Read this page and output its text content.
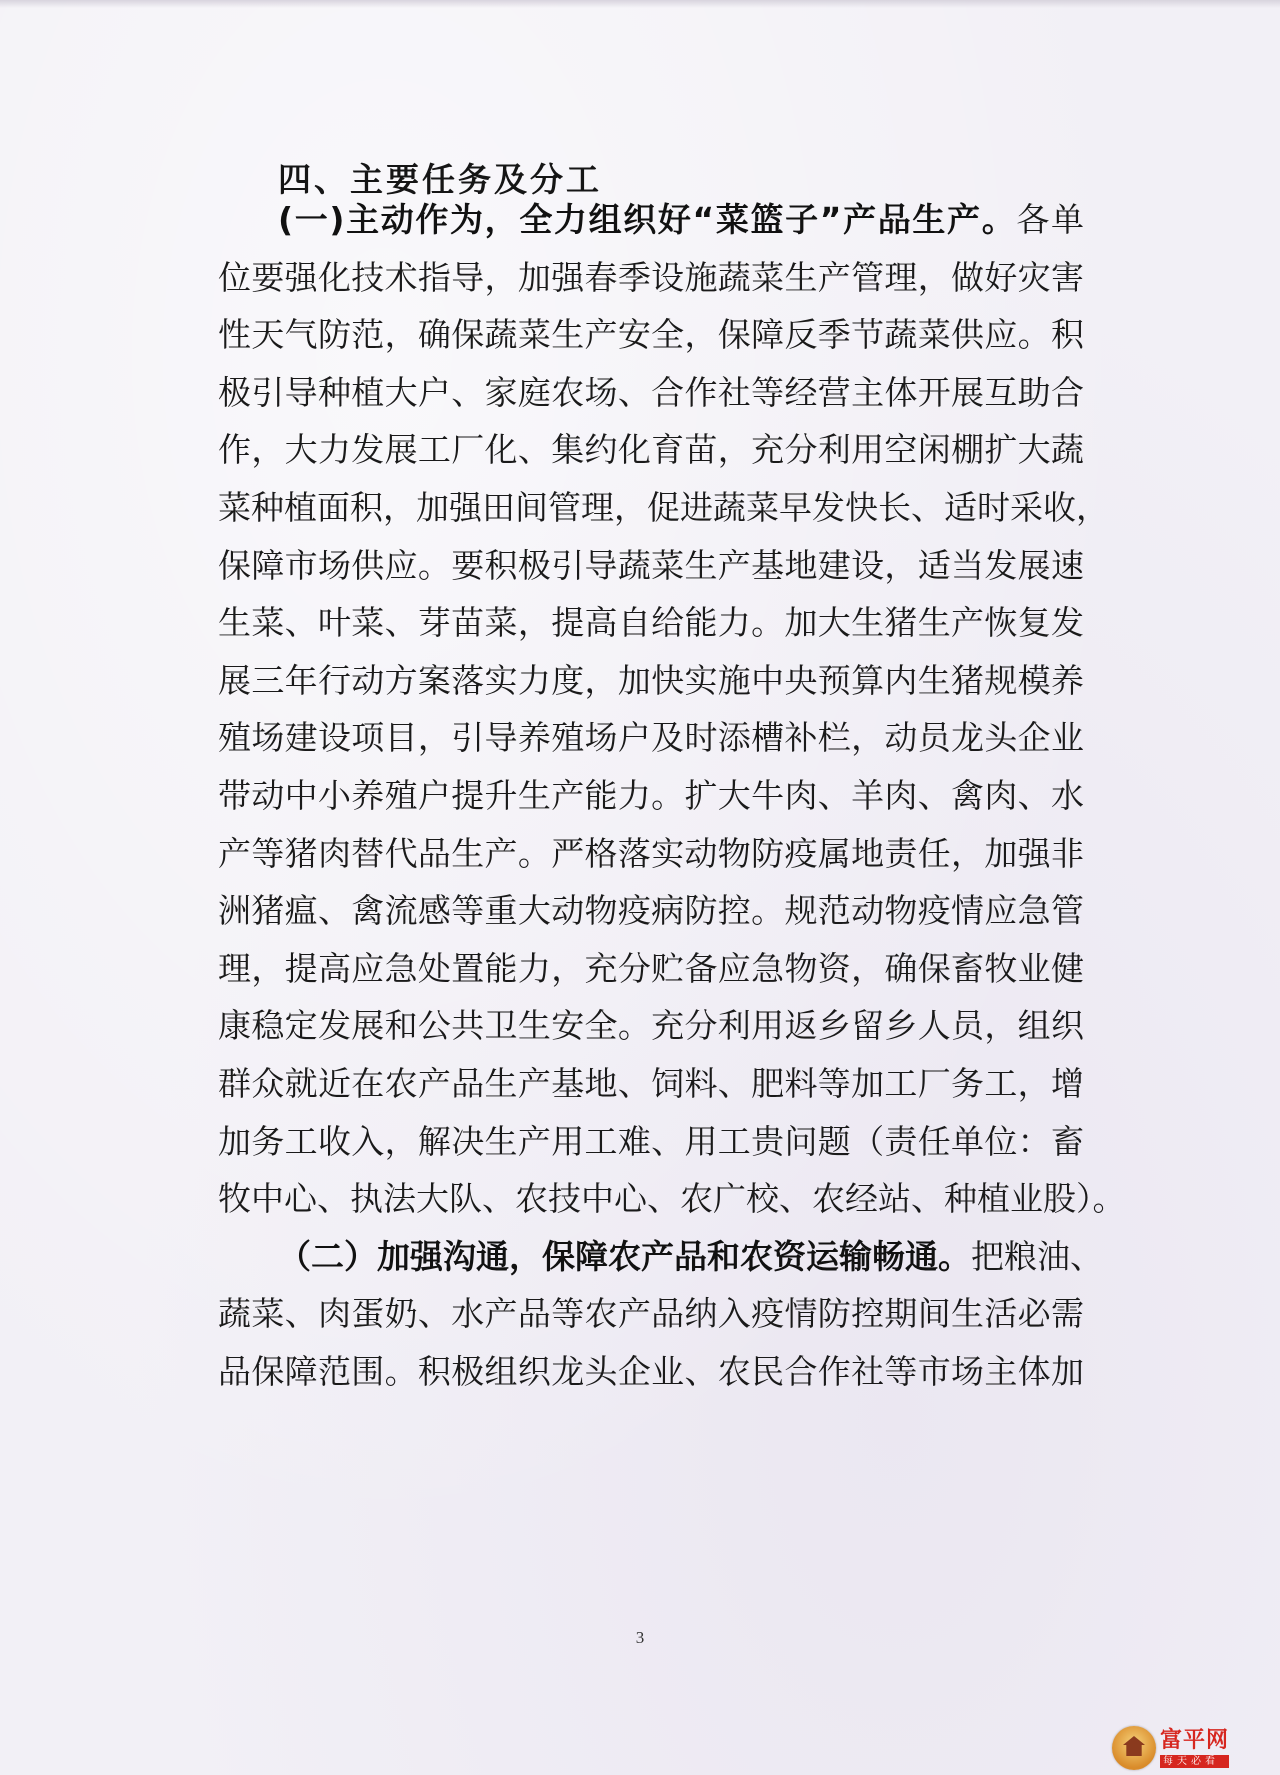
四、主要任务及分工
(一)主动作为，全力组织好“菜篮子”产品生产。各单
位要强化技术指导，加强春季设施蔬菜生产管理，做好灾害
性天气防范，确保蔬菜生产安全，保障反季节蔬菜供应。积
极引导种植大户、家庭农场、合作社等经营主体开展互助合
作，大力发展工厂化、集约化育苗，充分利用空闲棚扩大蔬
菜种植面积，加强田间管理，促进蔬菜早发快长、适时采收，
保障市场供应。要积极引导蔬菜生产基地建设，适当发展速
生菜、叶菜、芽苗菜，提高自给能力。加大生猪生产恢复发
展三年行动方案落实力度，加快实施中央预算内生猪规模养
殖场建设项目，引导养殖场户及时添槽补栏，动员龙头企业
带动中小养殖户提升生产能力。扩大牛肉、羊肉、禽肉、水
产等猪肉替代品生产。严格落实动物防疫属地责任，加强非
洲猪瘟、禽流感等重大动物疫病防控。规范动物疫情应急管
理，提高应急处置能力，充分贮备应急物资，确保畜牧业健
康稳定发展和公共卫生安全。充分利用返乡留乡人员，组织
群众就近在农产品生产基地、饲料、肥料等加工厂务工，增
加务工收入，解决生产用工难、用工贵问题（责任单位：畜
牧中心、执法大队、农技中心、农广校、农经站、种植业股）。
（二）加强沟通，保障农产品和农资运输畅通。把粮油、
蔬菜、肉蛋奶、水产品等农产品纳入疫情防控期间生活必需
品保障范围。积极组织龙头企业、农民合作社等市场主体加
3
富平网
每天必看
